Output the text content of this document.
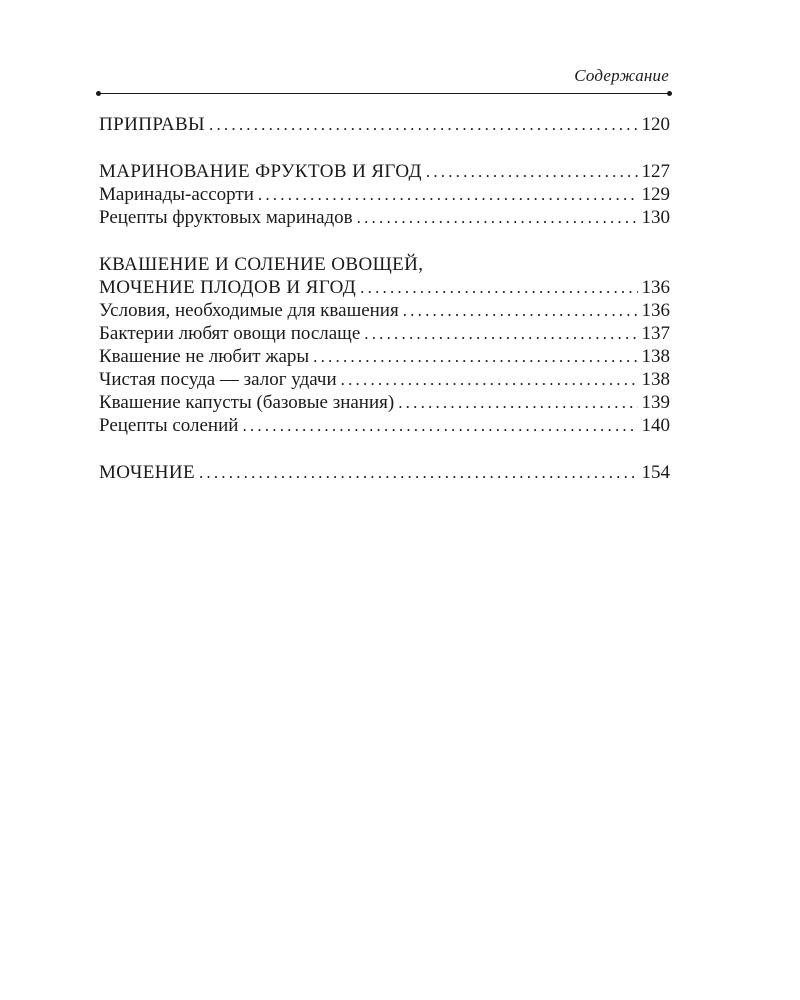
Содержание
ПРИПРАВЫ .....	120
МАРИНОВАНИЕ ФРУКТОВ И ЯГОД .....	127
Маринады-ассорти .....	129
Рецепты фруктовых маринадов .....	130
КВАШЕНИЕ И СОЛЕНИЕ ОВОЩЕЙ,
МОЧЕНИЕ ПЛОДОВ И ЯГОД .....	136
Условия, необходимые для квашения .....	136
Бактерии любят овощи послаще .....	137
Квашение не любит жары .....	138
Чистая посуда — залог удачи .....	138
Квашение капусты (базовые знания) .....	139
Рецепты солений .....	140
МОЧЕНИЕ .....	154
